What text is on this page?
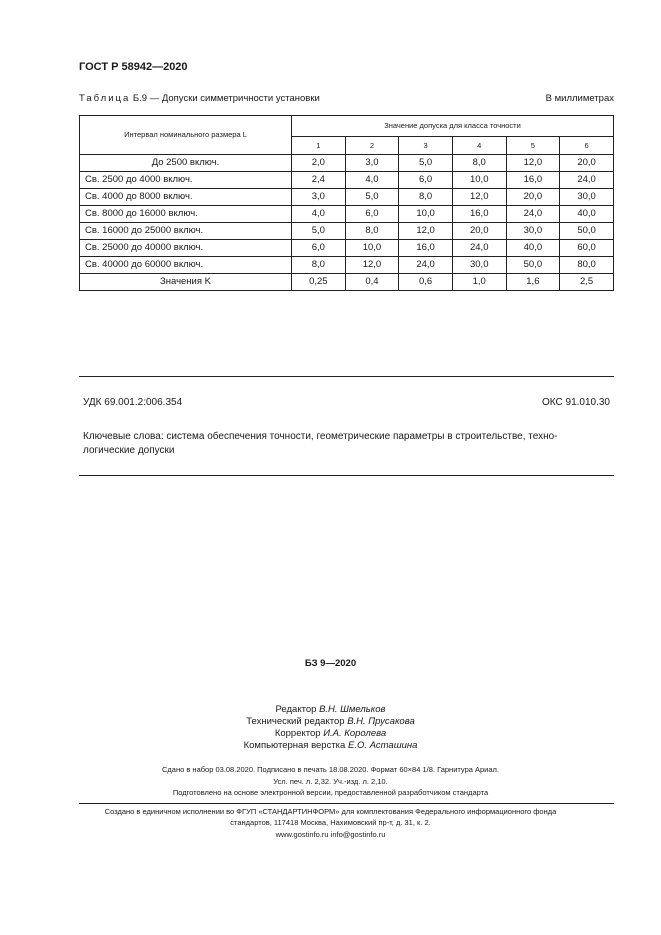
ГОСТ Р 58942—2020
Таблица Б.9 — Допуски симметричности установки	В миллиметрах
Интервал номинального размера L	Значение допуска для класса точности					
	1	2	3	4	5	6
До 2500 включ.	2,0	3,0	5,0	8,0	12,0	20,0
Св. 2500 до 4000 включ.	2,4	4,0	6,0	10,0	16,0	24,0
Св. 4000 до 8000 включ.	3,0	5,0	8,0	12,0	20,0	30,0
Св. 8000 до 16000 включ.	4,0	6,0	10,0	16,0	24,0	40,0
Св. 16000 до 25000 включ.	5,0	8,0	12,0	20,0	30,0	50,0
Св. 25000 до 40000 включ.	6,0	10,0	16,0	24,0	40,0	60,0
Св. 40000 до 60000 включ.	8,0	12,0	24,0	30,0	50,0	80,0
Значения K	0,25	0,4	0,6	1,0	1,6	2,5
УДК 69.001.2:006.354	ОКС 91.010.30
Ключевые слова: система обеспечения точности, геометрические параметры в строительстве, техно-логические допуски
БЗ 9—2020
Редактор В.Н. Шмельков
Технический редактор В.Н. Прусакова
Корректор И.А. Королева
Компьютерная верстка Е.О. Асташина
Сдано в набор 03.08.2020. Подписано в печать 18.08.2020. Формат 60×84 1/8. Гарнитура Ариал.
Усл. печ. л. 2,32. Уч.-изд. л. 2,10.
Подготовлено на основе электронной версии, предоставленной разработчиком стандарта
Создано в единичном исполнении во ФГУП «СТАНДАРТИНФОРМ» для комплектования Федерального информационного фонда
стандартов, 117418 Москва, Нахимовский пр-т, д. 31, к. 2.
www.gostinfo.ru info@gostinfo.ru
